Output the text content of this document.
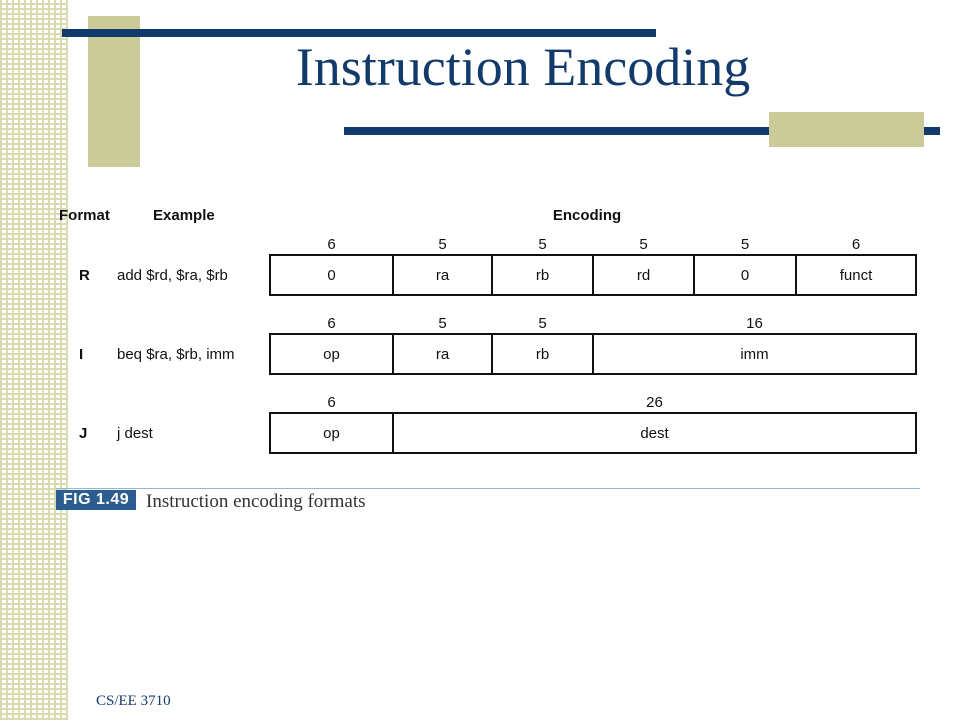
Instruction Encoding
Format	Example	Encoding
R add $rd, $ra, $rb
6
0
5
ra
5
rb
5
rd
5
0
6
funct
I beq $ra, $rb, imm
6
op
5
ra
5
rb
16
imm
J j dest
6
op
26
dest
FIG 1.49 Instruction encoding formats
CS/EE 3710
